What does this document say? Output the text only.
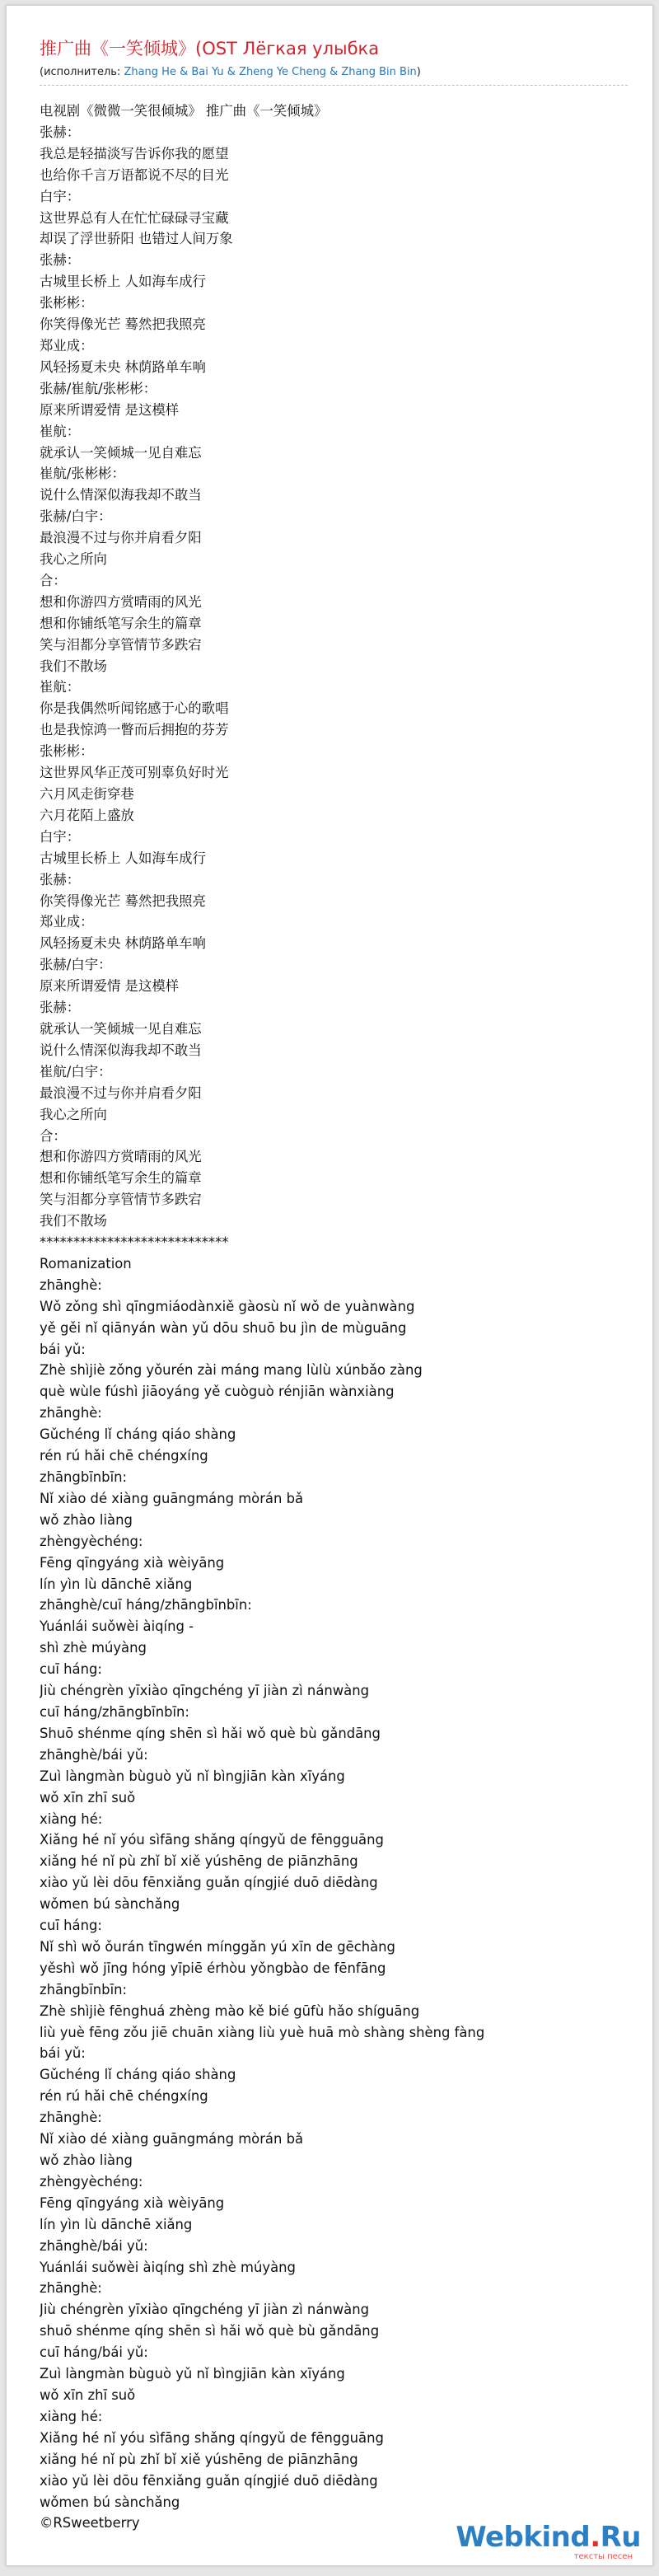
推广曲《一笑倾城》(OST Лёгкая улыбка
(исполнитель: Zhang He & Bai Yu & Zheng Ye Cheng & Zhang Bin Bin)
电视剧《微微一笑很倾城》 推广曲《一笑倾城》
张赫：
我总是轻描淡写告诉你我的愿望
也给你千言万语都说不尽的目光
白宇：
这世界总有人在忙忙碌碌寻宝藏
却误了浮世骄阳 也错过人间万象
张赫：
古城里长桥上 人如海车成行
张彬彬：
你笑得像光芒 蓦然把我照亮
郑业成：
风轻扬夏未央 林荫路单车响
张赫/崔航/张彬彬：
原来所谓爱情 是这模样
崔航：
就承认一笑倾城一见自难忘
崔航/张彬彬：
说什么情深似海我却不敢当
张赫/白宇：
最浪漫不过与你并肩看夕阳
我心之所向
合：
想和你游四方赏晴雨的风光
想和你铺纸笔写余生的篇章
笑与泪都分享管情节多跌宕
我们不散场
崔航：
你是我偶然听闻铭感于心的歌唱
也是我惊鸿一瞥而后拥抱的芬芳
张彬彬：
这世界风华正茂可别辜负好时光
六月风走街穿巷
六月花陌上盛放
白宇：
古城里长桥上 人如海车成行
张赫：
你笑得像光芒 蓦然把我照亮
郑业成：
风轻扬夏未央 林荫路单车响
张赫/白宇：
原来所谓爱情 是这模样
张赫：
就承认一笑倾城一见自难忘
说什么情深似海我却不敢当
崔航/白宇：
最浪漫不过与你并肩看夕阳
我心之所向
合：
想和你游四方赏晴雨的风光
想和你铺纸笔写余生的篇章
笑与泪都分享管情节多跌宕
我们不散场
****************************
Romanization
zhānghè:
Wǒ zǒng shì qīngmiáodànxiě gàosù nǐ wǒ de yuànwàng
yě gěi nǐ qiānyán wàn yǔ dōu shuō bu jìn de mùguāng
bái yǔ:
Zhè shìjiè zǒng yǒurén zài máng mang lùlù xúnbǎo zàng
què wùle fúshì jiāoyáng yě cuòguò rénjiān wànxiàng
zhānghè:
Gǔchéng lǐ cháng qiáo shàng
rén rú hǎi chē chéngxíng
zhāngbīnbīn:
Nǐ xiào dé xiàng guāngmáng mòrán bǎ
wǒ zhào liàng
zhèngyèchéng:
Fēng qīngyáng xià wèiyāng
lín yìn lù dānchē xiǎng
zhānghè/cuī háng/zhāngbīnbīn:
Yuánlái suǒwèi àiqíng -
shì zhè múyàng
cuī háng:
Jiù chéngrèn yīxiào qīngchéng yī jiàn zì nánwàng
cuī háng/zhāngbīnbīn:
Shuō shénme qíng shēn sì hǎi wǒ què bù gǎndāng
zhānghè/bái yǔ:
Zuì làngmàn bùguò yǔ nǐ bìngjiān kàn xīyáng
wǒ xīn zhī suǒ
xiàng hé:
Xiǎng hé nǐ yóu sìfāng shǎng qíngyǔ de fēngguāng
xiǎng hé nǐ pù zhǐ bǐ xiě yúshēng de piānzhāng
xiào yǔ lèi dōu fēnxiǎng guǎn qíngjié duō diēdàng
wǒmen bú sànchǎng
cuī háng:
Nǐ shì wǒ ǒurán tīngwén mínggǎn yú xīn de gēchàng
yěshì wǒ jīng hóng yīpiē érhòu yǒngbào de fēnfāng
zhāngbīnbīn:
Zhè shìjiè fēnghuá zhèng mào kě bié gūfù hǎo shíguāng
liù yuè fēng zǒu jiē chuān xiàng liù yuè huā mò shàng shèng fàng
bái yǔ:
Gǔchéng lǐ cháng qiáo shàng
rén rú hǎi chē chéngxíng
zhānghè:
Nǐ xiào dé xiàng guāngmáng mòrán bǎ
wǒ zhào liàng
zhèngyèchéng:
Fēng qīngyáng xià wèiyāng
lín yìn lù dānchē xiǎng
zhānghè/bái yǔ:
Yuánlái suǒwèi àiqíng shì zhè múyàng
zhānghè:
Jiù chéngrèn yīxiào qīngchéng yī jiàn zì nánwàng
shuō shénme qíng shēn sì hǎi wǒ què bù gǎndāng
cuī háng/bái yǔ:
Zuì làngmàn bùguò yǔ nǐ bìngjiān kàn xīyáng
wǒ xīn zhī suǒ
xiàng hé:
Xiǎng hé nǐ yóu sìfāng shǎng qíngyǔ de fēngguāng
xiǎng hé nǐ pù zhǐ bǐ xiě yúshēng de piānzhāng
xiào yǔ lèi dōu fēnxiǎng guǎn qíngjié duō diēdàng
wǒmen bú sànchǎng
©RSweetberry	Webkind.Ru
тексты песен
